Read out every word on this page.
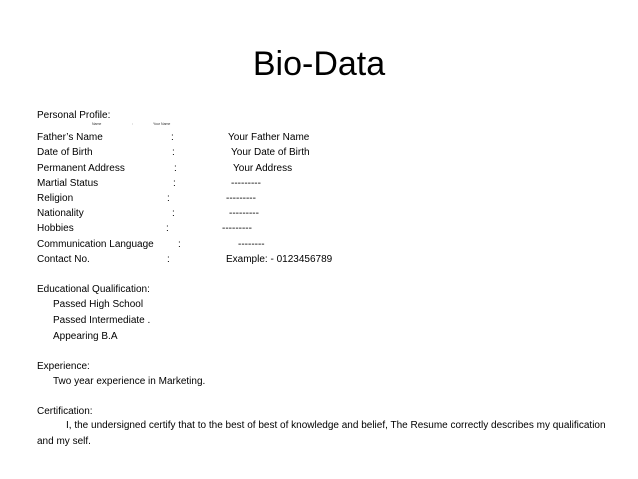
Bio-Data
Personal Profile:
Name	:	Your Name
Father’s Name	:	Your Father Name
Date of Birth	:	Your Date of Birth
Permanent Address	:	Your Address
Martial Status	:	---------
Religion	:	---------
Nationality	:	---------
Hobbies	:	---------
Communication Language :	--------
Contact No.	:	Example: - 0123456789
Educational Qualification:
Passed High School
Passed Intermediate .
Appearing B.A
Experience:
Two year experience in Marketing.
Certification:
I, the undersigned certify that to the best of best of knowledge and belief, The Resume correctly describes my qualification and my self.
